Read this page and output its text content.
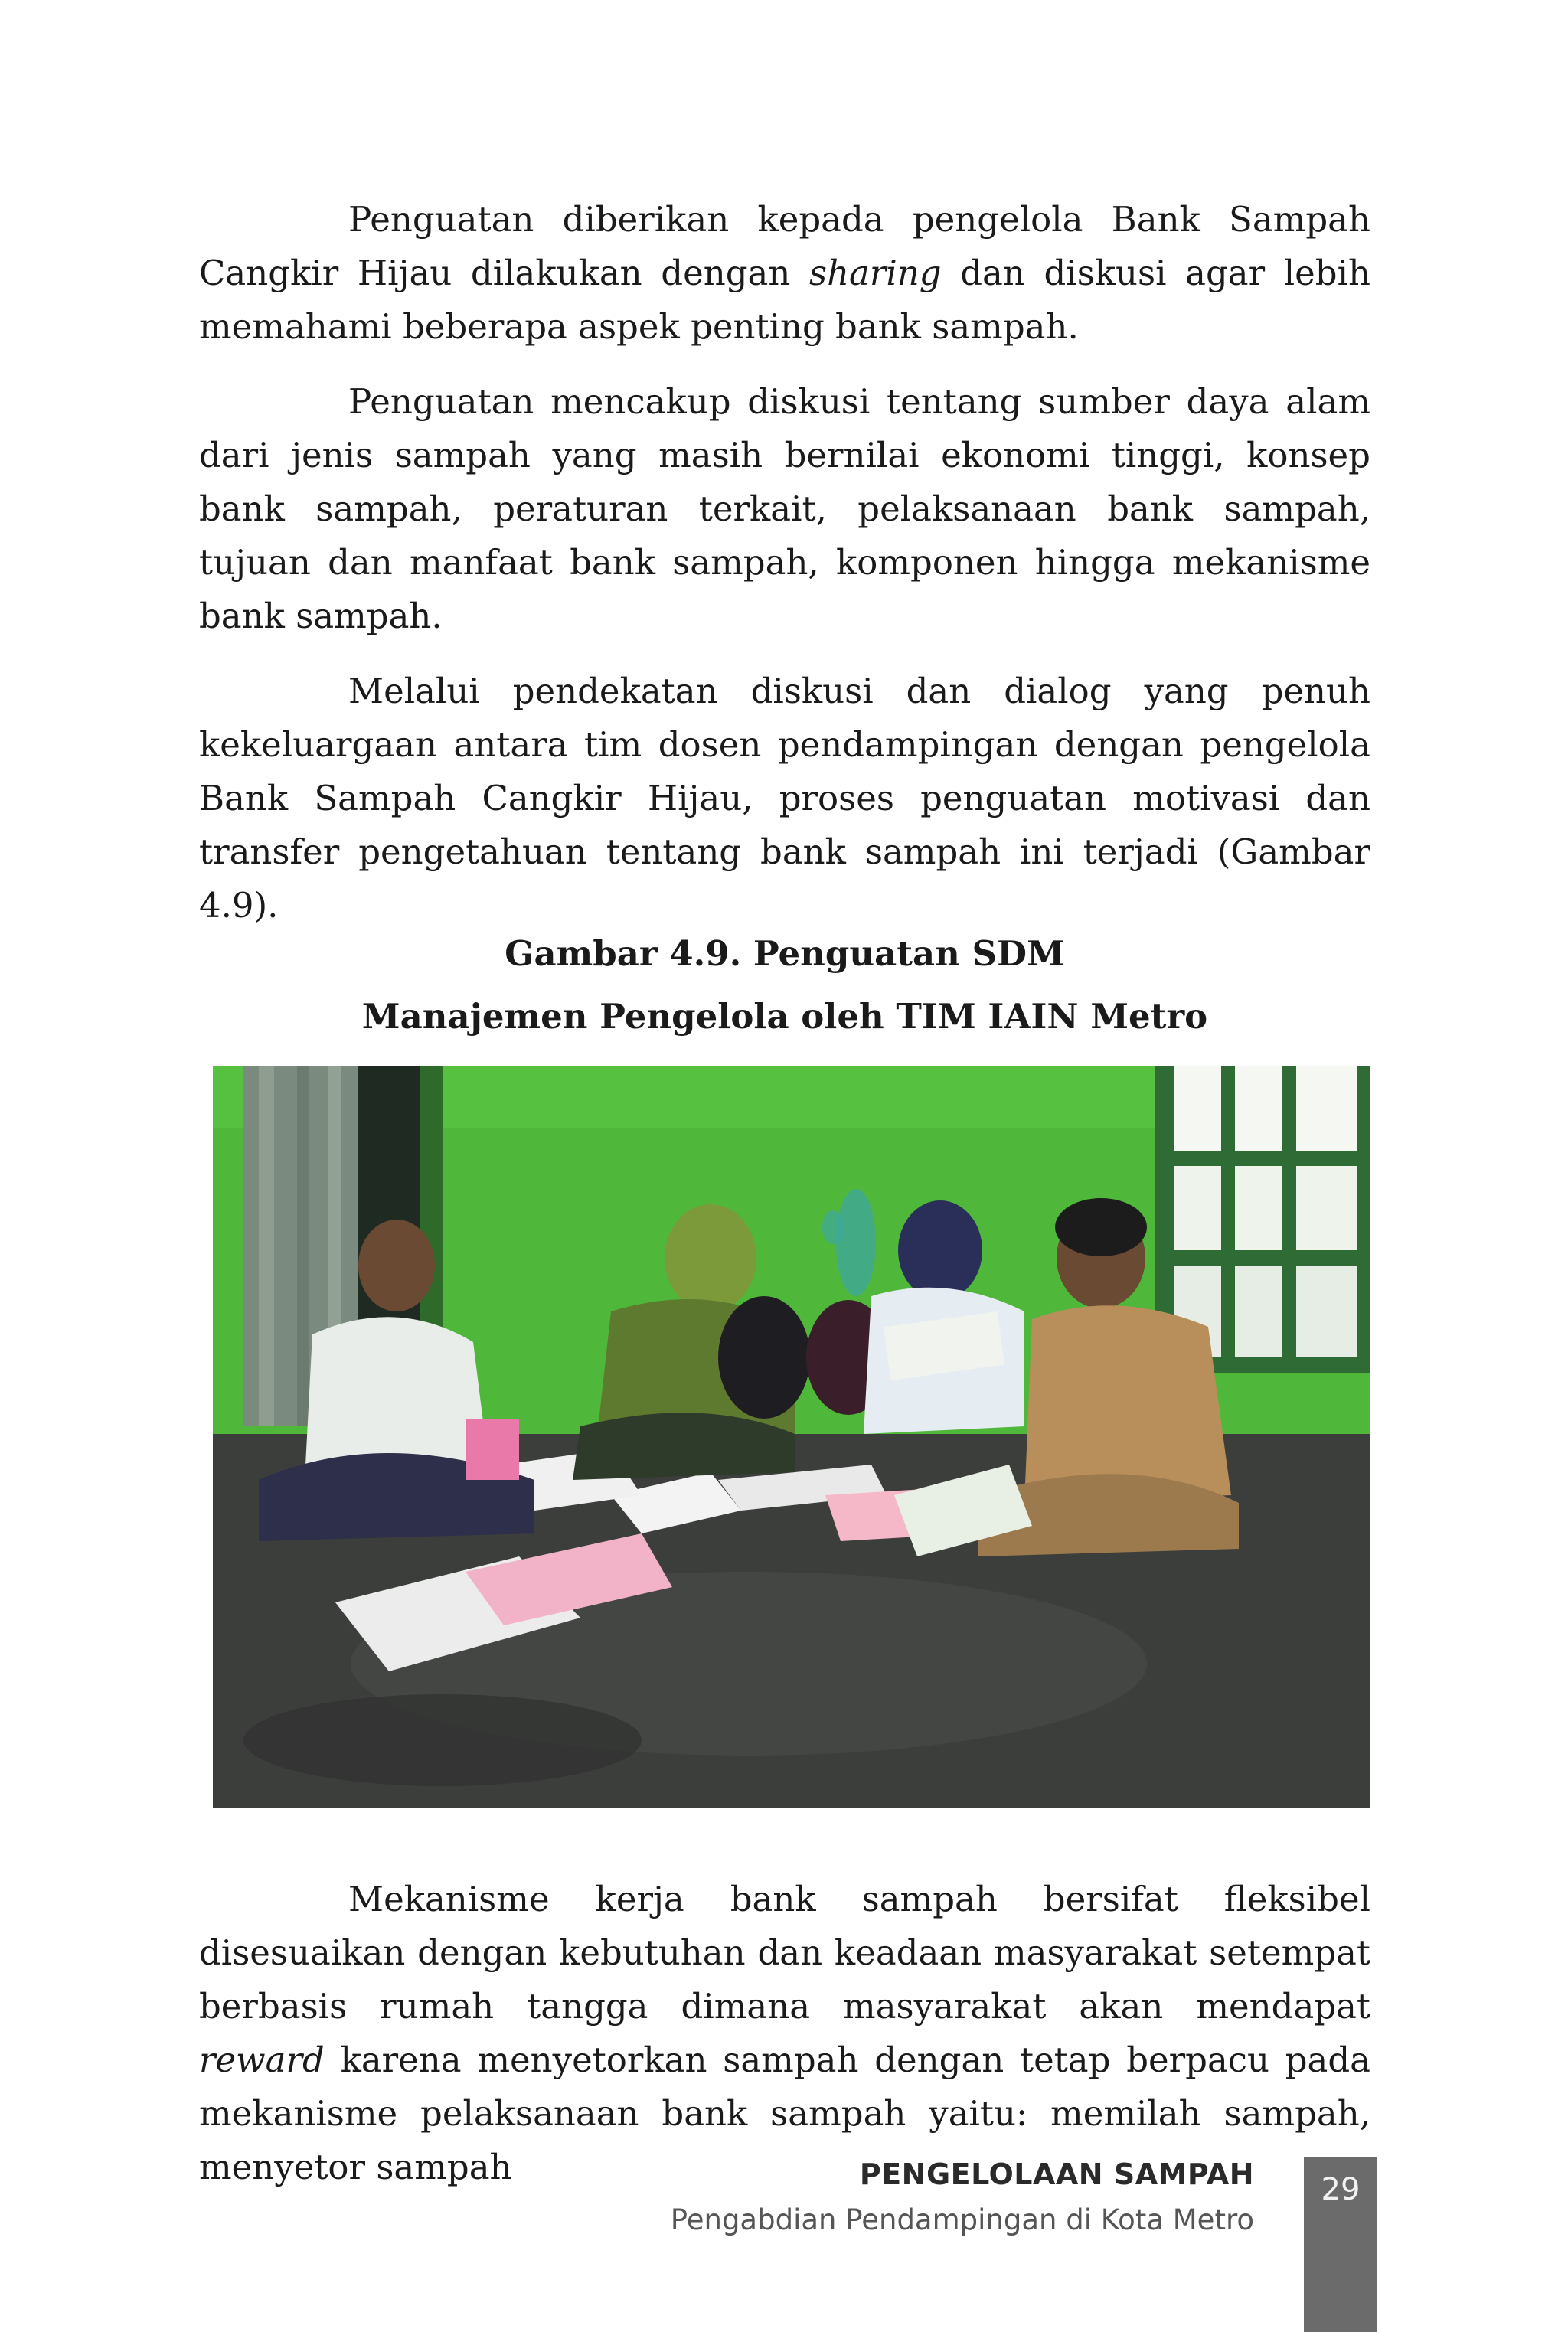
Penguatan diberikan kepada pengelola Bank Sampah Cangkir Hijau dilakukan dengan sharing dan diskusi agar lebih memahami beberapa aspek penting bank sampah.

Penguatan mencakup diskusi tentang sumber daya alam dari jenis sampah yang masih bernilai ekonomi tinggi, konsep bank sampah, peraturan terkait, pelaksanaan bank sampah, tujuan dan manfaat bank sampah, komponen hingga mekanisme bank sampah.

Melalui pendekatan diskusi dan dialog yang penuh kekeluargaan antara tim dosen pendampingan dengan pengelola Bank Sampah Cangkir Hijau, proses penguatan motivasi dan transfer pengetahuan tentang bank sampah ini terjadi (Gambar 4.9).

Gambar 4.9. Penguatan SDM
Manajemen Pengelola oleh TIM IAIN Metro

Mekanisme kerja bank sampah bersifat fleksibel disesuaikan dengan kebutuhan dan keadaan masyarakat setempat berbasis rumah tangga dimana masyarakat akan mendapat reward karena menyetorkan sampah dengan tetap berpacu pada mekanisme pelaksanaan bank sampah yaitu: memilah sampah, menyetor sampah	PENGELOLAAN SAMPAH
Pengabdian Pendampingan di Kota Metro
29
